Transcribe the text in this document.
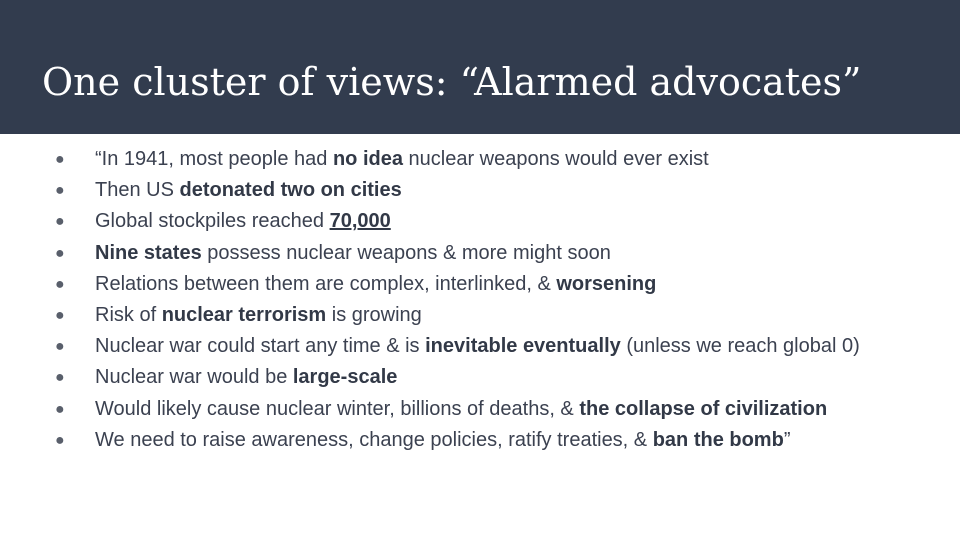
One cluster of views: “Alarmed advocates”
● “In 1941, most people had no idea nuclear weapons would ever exist
● Then US detonated two on cities
● Global stockpiles reached 70,000
● Nine states possess nuclear weapons & more might soon
● Relations between them are complex, interlinked, & worsening
● Risk of nuclear terrorism is growing
● Nuclear war could start any time & is inevitable eventually (unless we reach global 0)
● Nuclear war would be large-scale
● Would likely cause nuclear winter, billions of deaths, & the collapse of civilization
● We need to raise awareness, change policies, ratify treaties, & ban the bomb”
